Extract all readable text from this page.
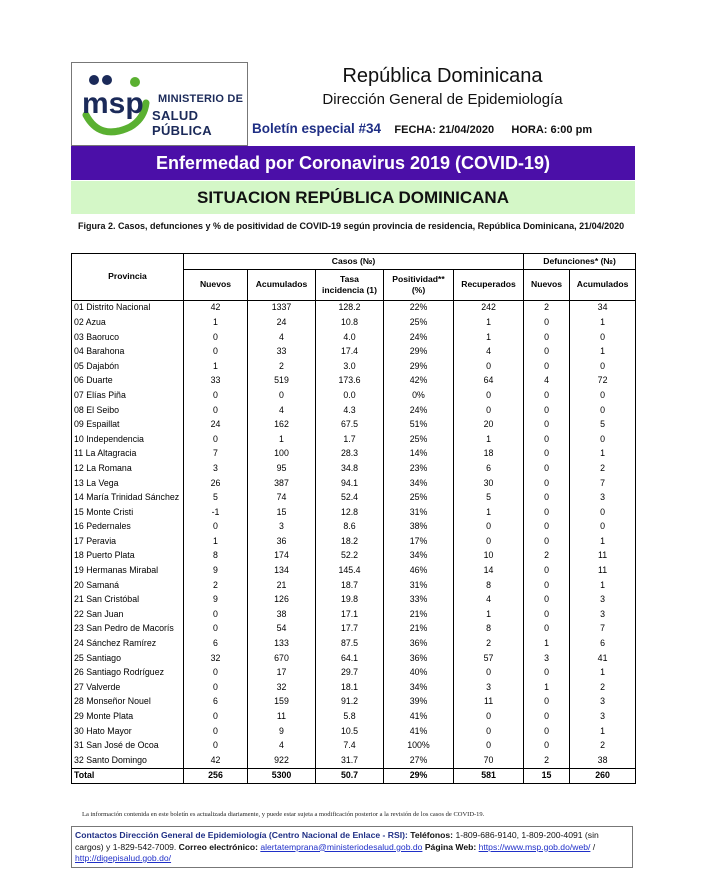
msp MINISTERIO DE
SALUD PÚBLICA
República Dominicana
Dirección General de Epidemiología
Boletín especial #34 FECHA: 21/04/2020 HORA: 6:00 pm
Enfermedad por Coronavirus 2019 (COVID-19)
SITUACION REPÚBLICA DOMINICANA
Figura 2. Casos, defunciones y % de positividad de COVID-19 según provincia de residencia, República Dominicana, 21/04/2020
Provincia	Casos (№)					Defunciones* (№)	
	Nuevos	Acumulados	Tasa incidencia (1)	Positividad** (%)	Recuperados	Nuevos	Acumulados
01 Distrito Nacional	42	1337	128.2	22%	242	2	34
02 Azua	1	24	10.8	25%	1	0	1
03 Baoruco	0	4	4.0	24%	1	0	0
04 Barahona	0	33	17.4	29%	4	0	1
05 Dajabón	1	2	3.0	29%	0	0	0
06 Duarte	33	519	173.6	42%	64	4	72
07 Elías Piña	0	0	0.0	0%	0	0	0
08 El Seibo	0	4	4.3	24%	0	0	0
09 Espaillat	24	162	67.5	51%	20	0	5
10 Independencia	0	1	1.7	25%	1	0	0
11 La Altagracia	7	100	28.3	14%	18	0	1
12 La Romana	3	95	34.8	23%	6	0	2
13 La Vega	26	387	94.1	34%	30	0	7
14 María Trinidad Sánchez	5	74	52.4	25%	5	0	3
15 Monte Cristi	-1	15	12.8	31%	1	0	0
16 Pedernales	0	3	8.6	38%	0	0	0
17 Peravia	1	36	18.2	17%	0	0	1
18 Puerto Plata	8	174	52.2	34%	10	2	11
19 Hermanas Mirabal	9	134	145.4	46%	14	0	11
20 Samaná	2	21	18.7	31%	8	0	1
21 San Cristóbal	9	126	19.8	33%	4	0	3
22 San Juan	0	38	17.1	21%	1	0	3
23 San Pedro de Macorís	0	54	17.7	21%	8	0	7
24 Sánchez Ramírez	6	133	87.5	36%	2	1	6
25 Santiago	32	670	64.1	36%	57	3	41
26 Santiago Rodríguez	0	17	29.7	40%	0	0	1
27 Valverde	0	32	18.1	34%	3	1	2
28 Monseñor Nouel	6	159	91.2	39%	11	0	3
29 Monte Plata	0	11	5.8	41%	0	0	3
30 Hato Mayor	0	9	10.5	41%	0	0	1
31 San José de Ocoa	0	4	7.4	100%	0	0	2
32 Santo Domingo	42	922	31.7	27%	70	2	38
Total	256	5300	50.7	29%	581	15	260
La información contenida en este boletín es actualizada diariamente, y puede estar sujeta a modificación posterior a la revisión de los casos de COVID-19.
Contactos Dirección General de Epidemiología (Centro Nacional de Enlace - RSI): Teléfonos: 1-809-686-9140, 1-809-200-4091 (sin cargos) y 1-829-542-7009. Correo electrónico: alertatemprana@ministeriodesalud.gob.do Página Web: https://www.msp.gob.do/web/ / http://digepisalud.gob.do/
